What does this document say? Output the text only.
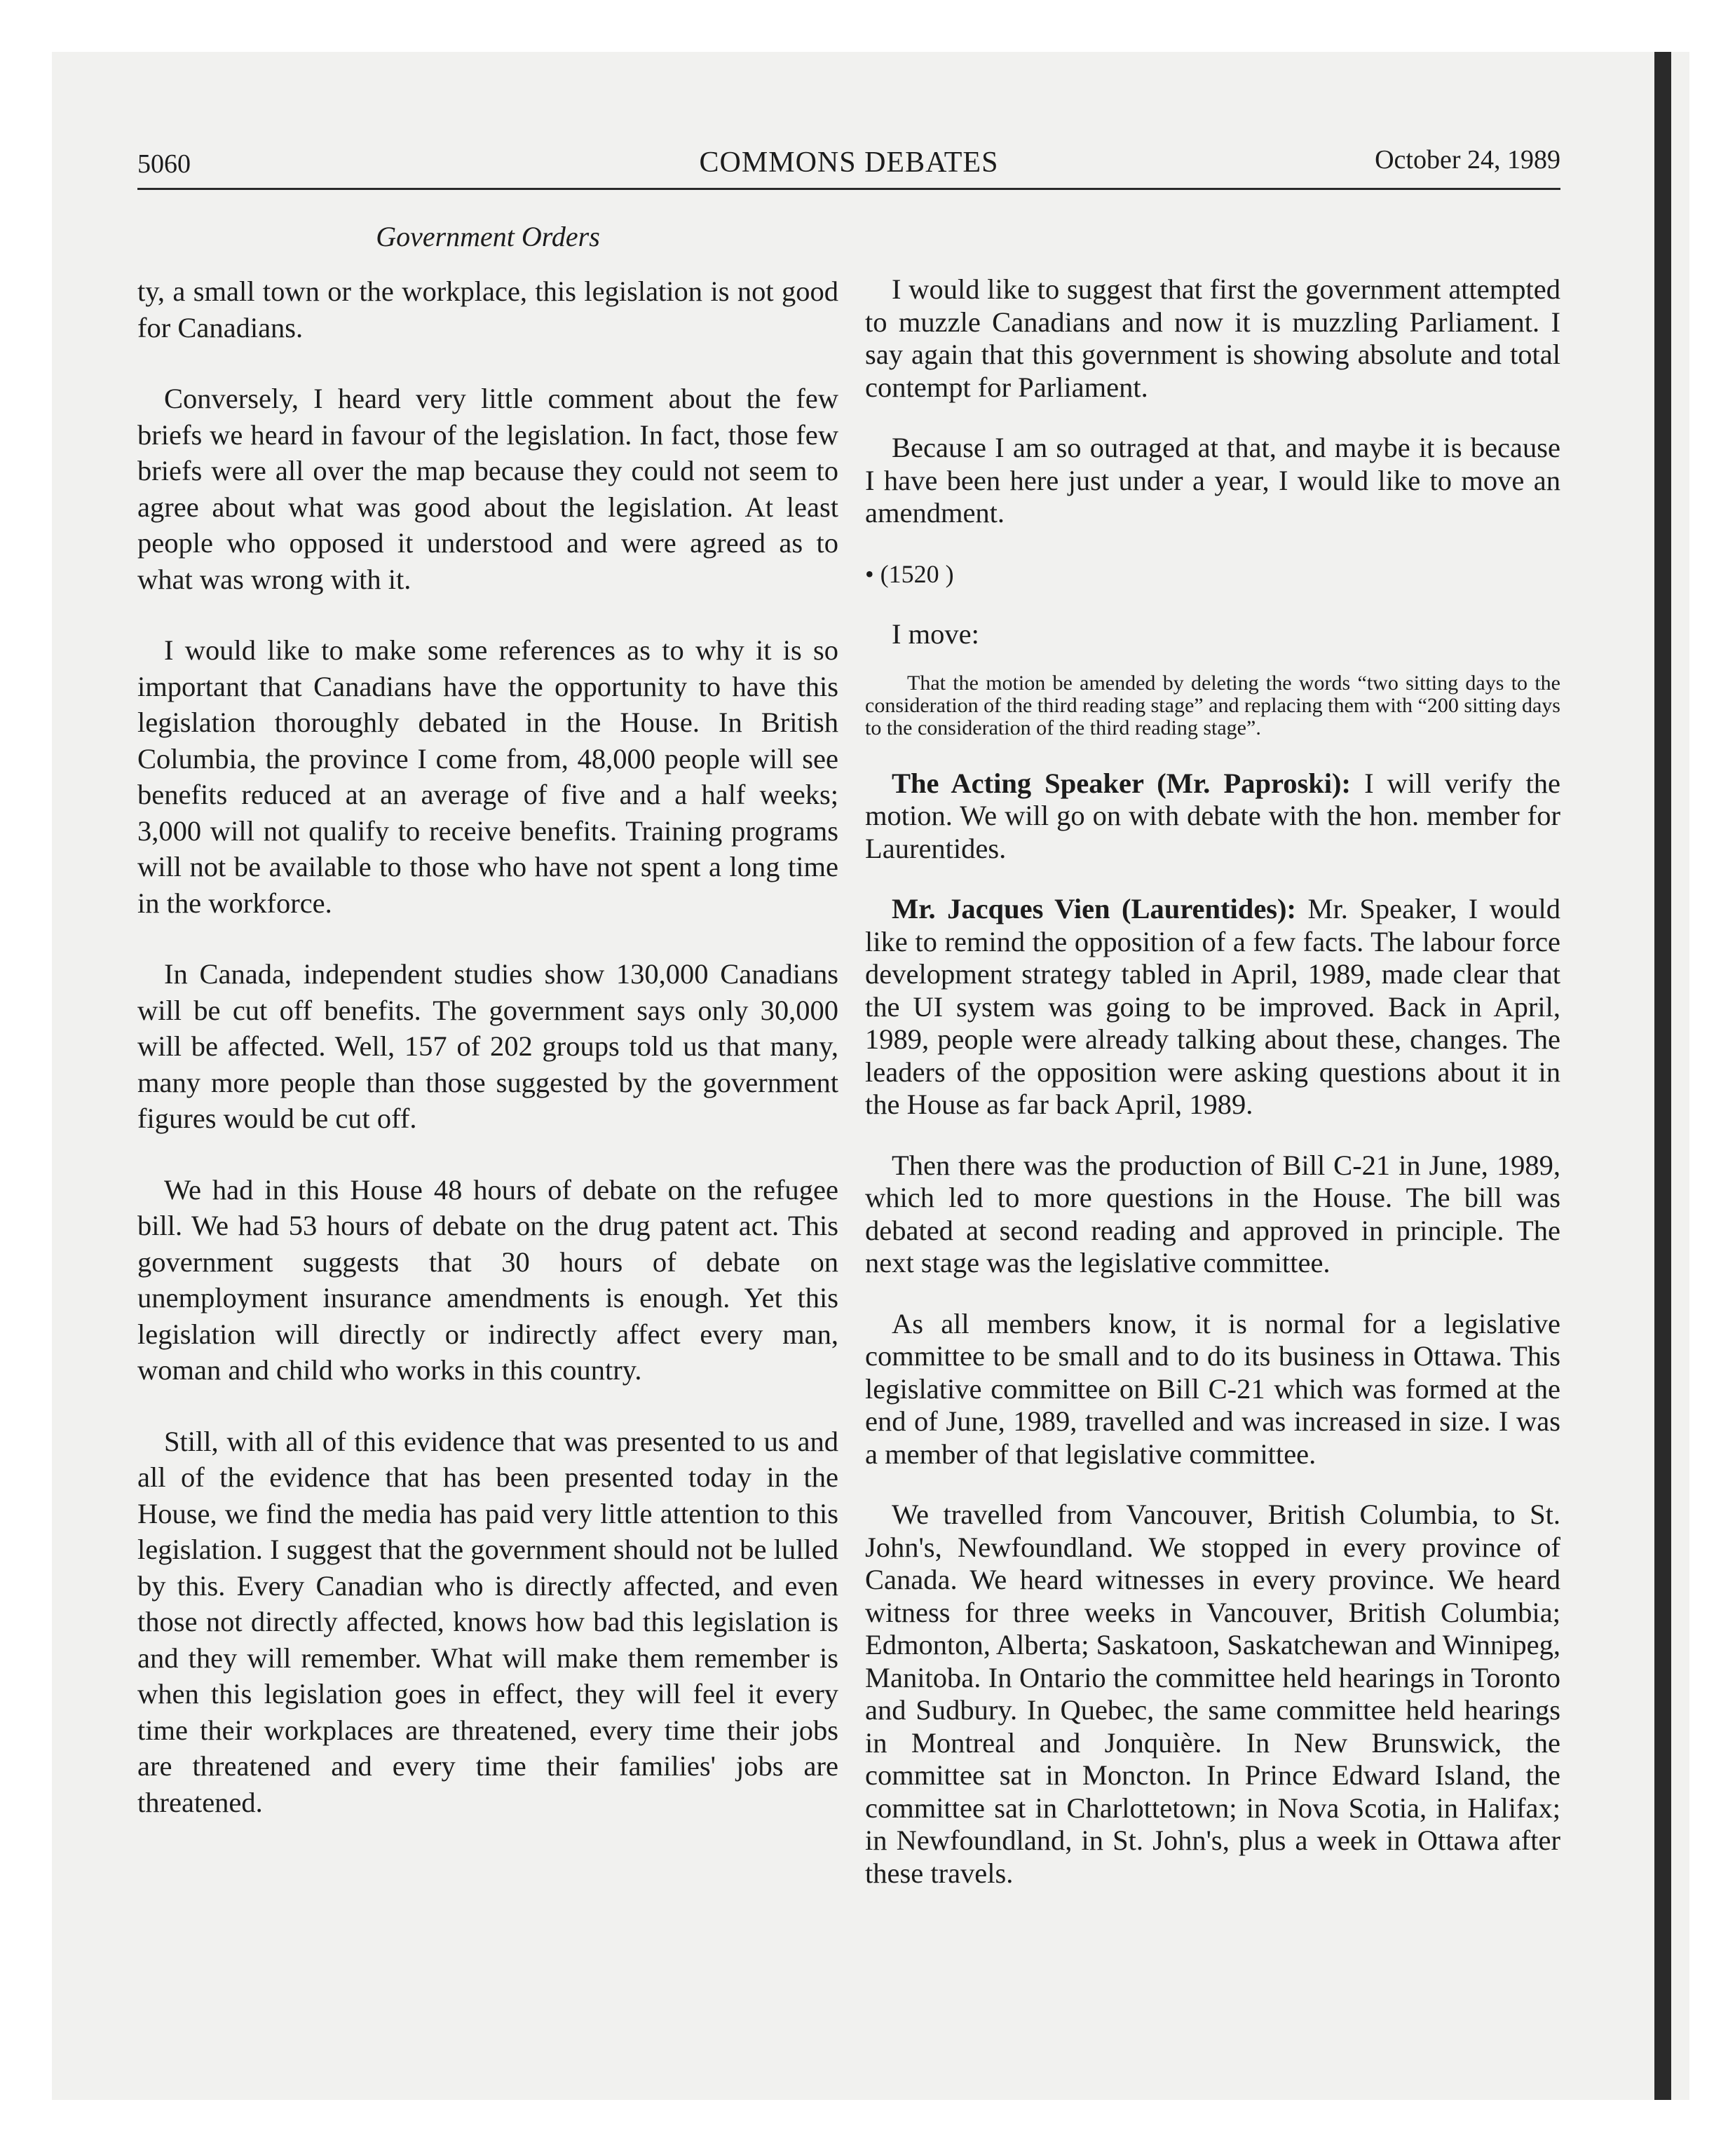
5060	COMMONS DEBATES	October 24, 1989
Government Orders

ty, a small town or the workplace, this legislation is not good for Canadians.

Conversely, I heard very little comment about the few briefs we heard in favour of the legislation. In fact, those few briefs were all over the map because they could not seem to agree about what was good about the legislation. At least people who opposed it understood and were agreed as to what was wrong with it.

I would like to make some references as to why it is so important that Canadians have the opportunity to have this legislation thoroughly debated in the House. In British Columbia, the province I come from, 48,000 people will see benefits reduced at an average of five and a half weeks; 3,000 will not qualify to receive benefits. Training programs will not be available to those who have not spent a long time in the workforce.

In Canada, independent studies show 130,000 Canadians will be cut off benefits. The government says only 30,000 will be affected. Well, 157 of 202 groups told us that many, many more people than those suggested by the government figures would be cut off.

We had in this House 48 hours of debate on the refugee bill. We had 53 hours of debate on the drug patent act. This government suggests that 30 hours of debate on unemployment insurance amendments is enough. Yet this legislation will directly or indirectly affect every man, woman and child who works in this country.

Still, with all of this evidence that was presented to us and all of the evidence that has been presented today in the House, we find the media has paid very little attention to this legislation. I suggest that the government should not be lulled by this. Every Canadian who is directly affected, and even those not directly affected, knows how bad this legislation is and they will remember. What will make them remember is when this legislation goes in effect, they will feel it every time their workplaces are threatened, every time their jobs are threatened and every time their families' jobs are threatened.

I would like to suggest that first the government attempted to muzzle Canadians and now it is muzzling Parliament. I say again that this government is showing absolute and total contempt for Parliament.

Because I am so outraged at that, and maybe it is because I have been here just under a year, I would like to move an amendment.

• (1520 )

I move:

That the motion be amended by deleting the words “two sitting days to the consideration of the third reading stage” and replacing them with “200 sitting days to the consideration of the third reading stage”.

The Acting Speaker (Mr. Paproski): I will verify the motion. We will go on with debate with the hon. member for Laurentides.

Mr. Jacques Vien (Laurentides): Mr. Speaker, I would like to remind the opposition of a few facts. The labour force development strategy tabled in April, 1989, made clear that the UI system was going to be improved. Back in April, 1989, people were already talking about these, changes. The leaders of the opposition were asking questions about it in the House as far back April, 1989.

Then there was the production of Bill C-21 in June, 1989, which led to more questions in the House. The bill was debated at second reading and approved in principle. The next stage was the legislative committee.

As all members know, it is normal for a legislative committee to be small and to do its business in Ottawa. This legislative committee on Bill C-21 which was formed at the end of June, 1989, travelled and was increased in size. I was a member of that legislative committee.

We travelled from Vancouver, British Columbia, to St. John's, Newfoundland. We stopped in every province of Canada. We heard witnesses in every province. We heard witness for three weeks in Vancouver, British Columbia; Edmonton, Alberta; Saskatoon, Saskatchewan and Winnipeg, Manitoba. In Ontario the committee held hearings in Toronto and Sudbury. In Quebec, the same committee held hearings in Montreal and Jonquière. In New Brunswick, the committee sat in Moncton. In Prince Edward Island, the committee sat in Charlottetown; in Nova Scotia, in Halifax; in Newfoundland, in St. John's, plus a week in Ottawa after these travels.
